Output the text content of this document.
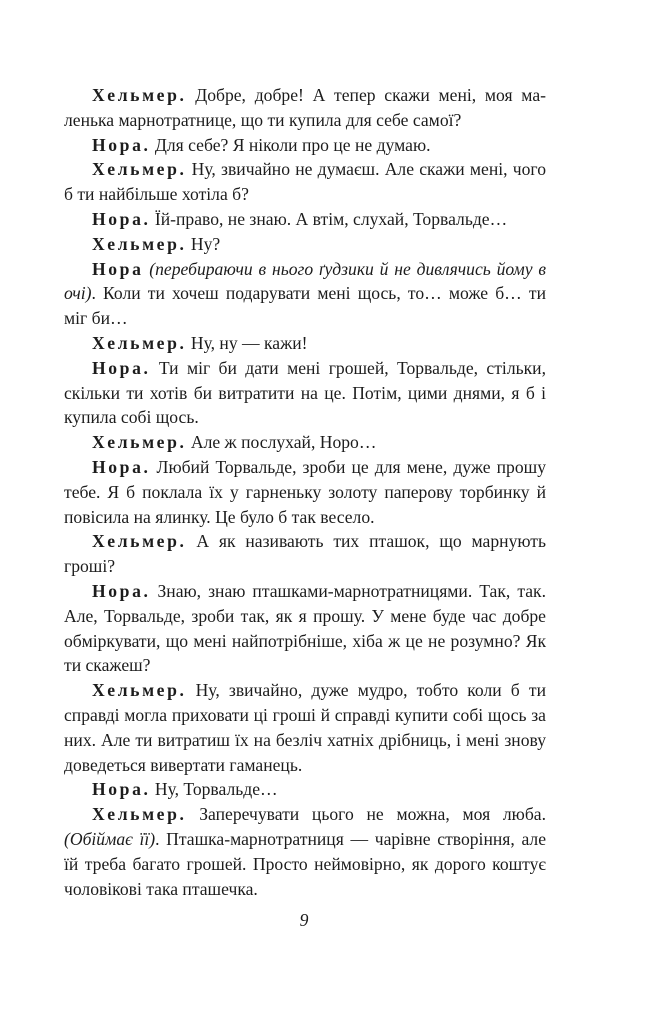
Хельмер. Добре, добре! А тепер скажи мені, моя маленька марнотратнице, що ти купила для себе самої?

Нора. Для себе? Я ніколи про це не думаю.

Хельмер. Ну, звичайно не думаєш. Але скажи мені, чого б ти найбільше хотіла б?

Нора. Їй-право, не знаю. А втім, слухай, Торвальде…

Хельмер. Ну?

Нора (перебираючи в нього ґудзики й не дивлячись йому в очі). Коли ти хочеш подарувати мені щось, то… може б… ти міг би…

Хельмер. Ну, ну — кажи!

Нора. Ти міг би дати мені грошей, Торвальде, стільки, скільки ти хотів би витратити на це. Потім, цими днями, я б і купила собі щось.

Хельмер. Але ж послухай, Норо…

Нора. Любий Торвальде, зроби це для мене, дуже прошу тебе. Я б поклала їх у гарненьку золоту паперову торбинку й повісила на ялинку. Це було б так весело.

Хельмер. А як називають тих пташок, що марнують гроші?

Нора. Знаю, знаю пташками-марнотратницями. Так, так. Але, Торвальде, зроби так, як я прошу. У мене буде час добре обміркувати, що мені найпотрібніше, хіба ж це не розумно? Як ти скажеш?

Хельмер. Ну, звичайно, дуже мудро, тобто коли б ти справді могла приховати ці гроші й справді купити собі щось за них. Але ти витратиш їх на безліч хатніх дрібниць, і мені знову доведеться вивертати гаманець.

Нора. Ну, Торвальде…

Хельмер. Заперечувати цього не можна, моя люба. (Обіймає її). Пташка-марнотратниця — чарівне створіння, але їй треба багато грошей. Просто неймовірно, як дорого коштує чоловікові така пташечка.

9
